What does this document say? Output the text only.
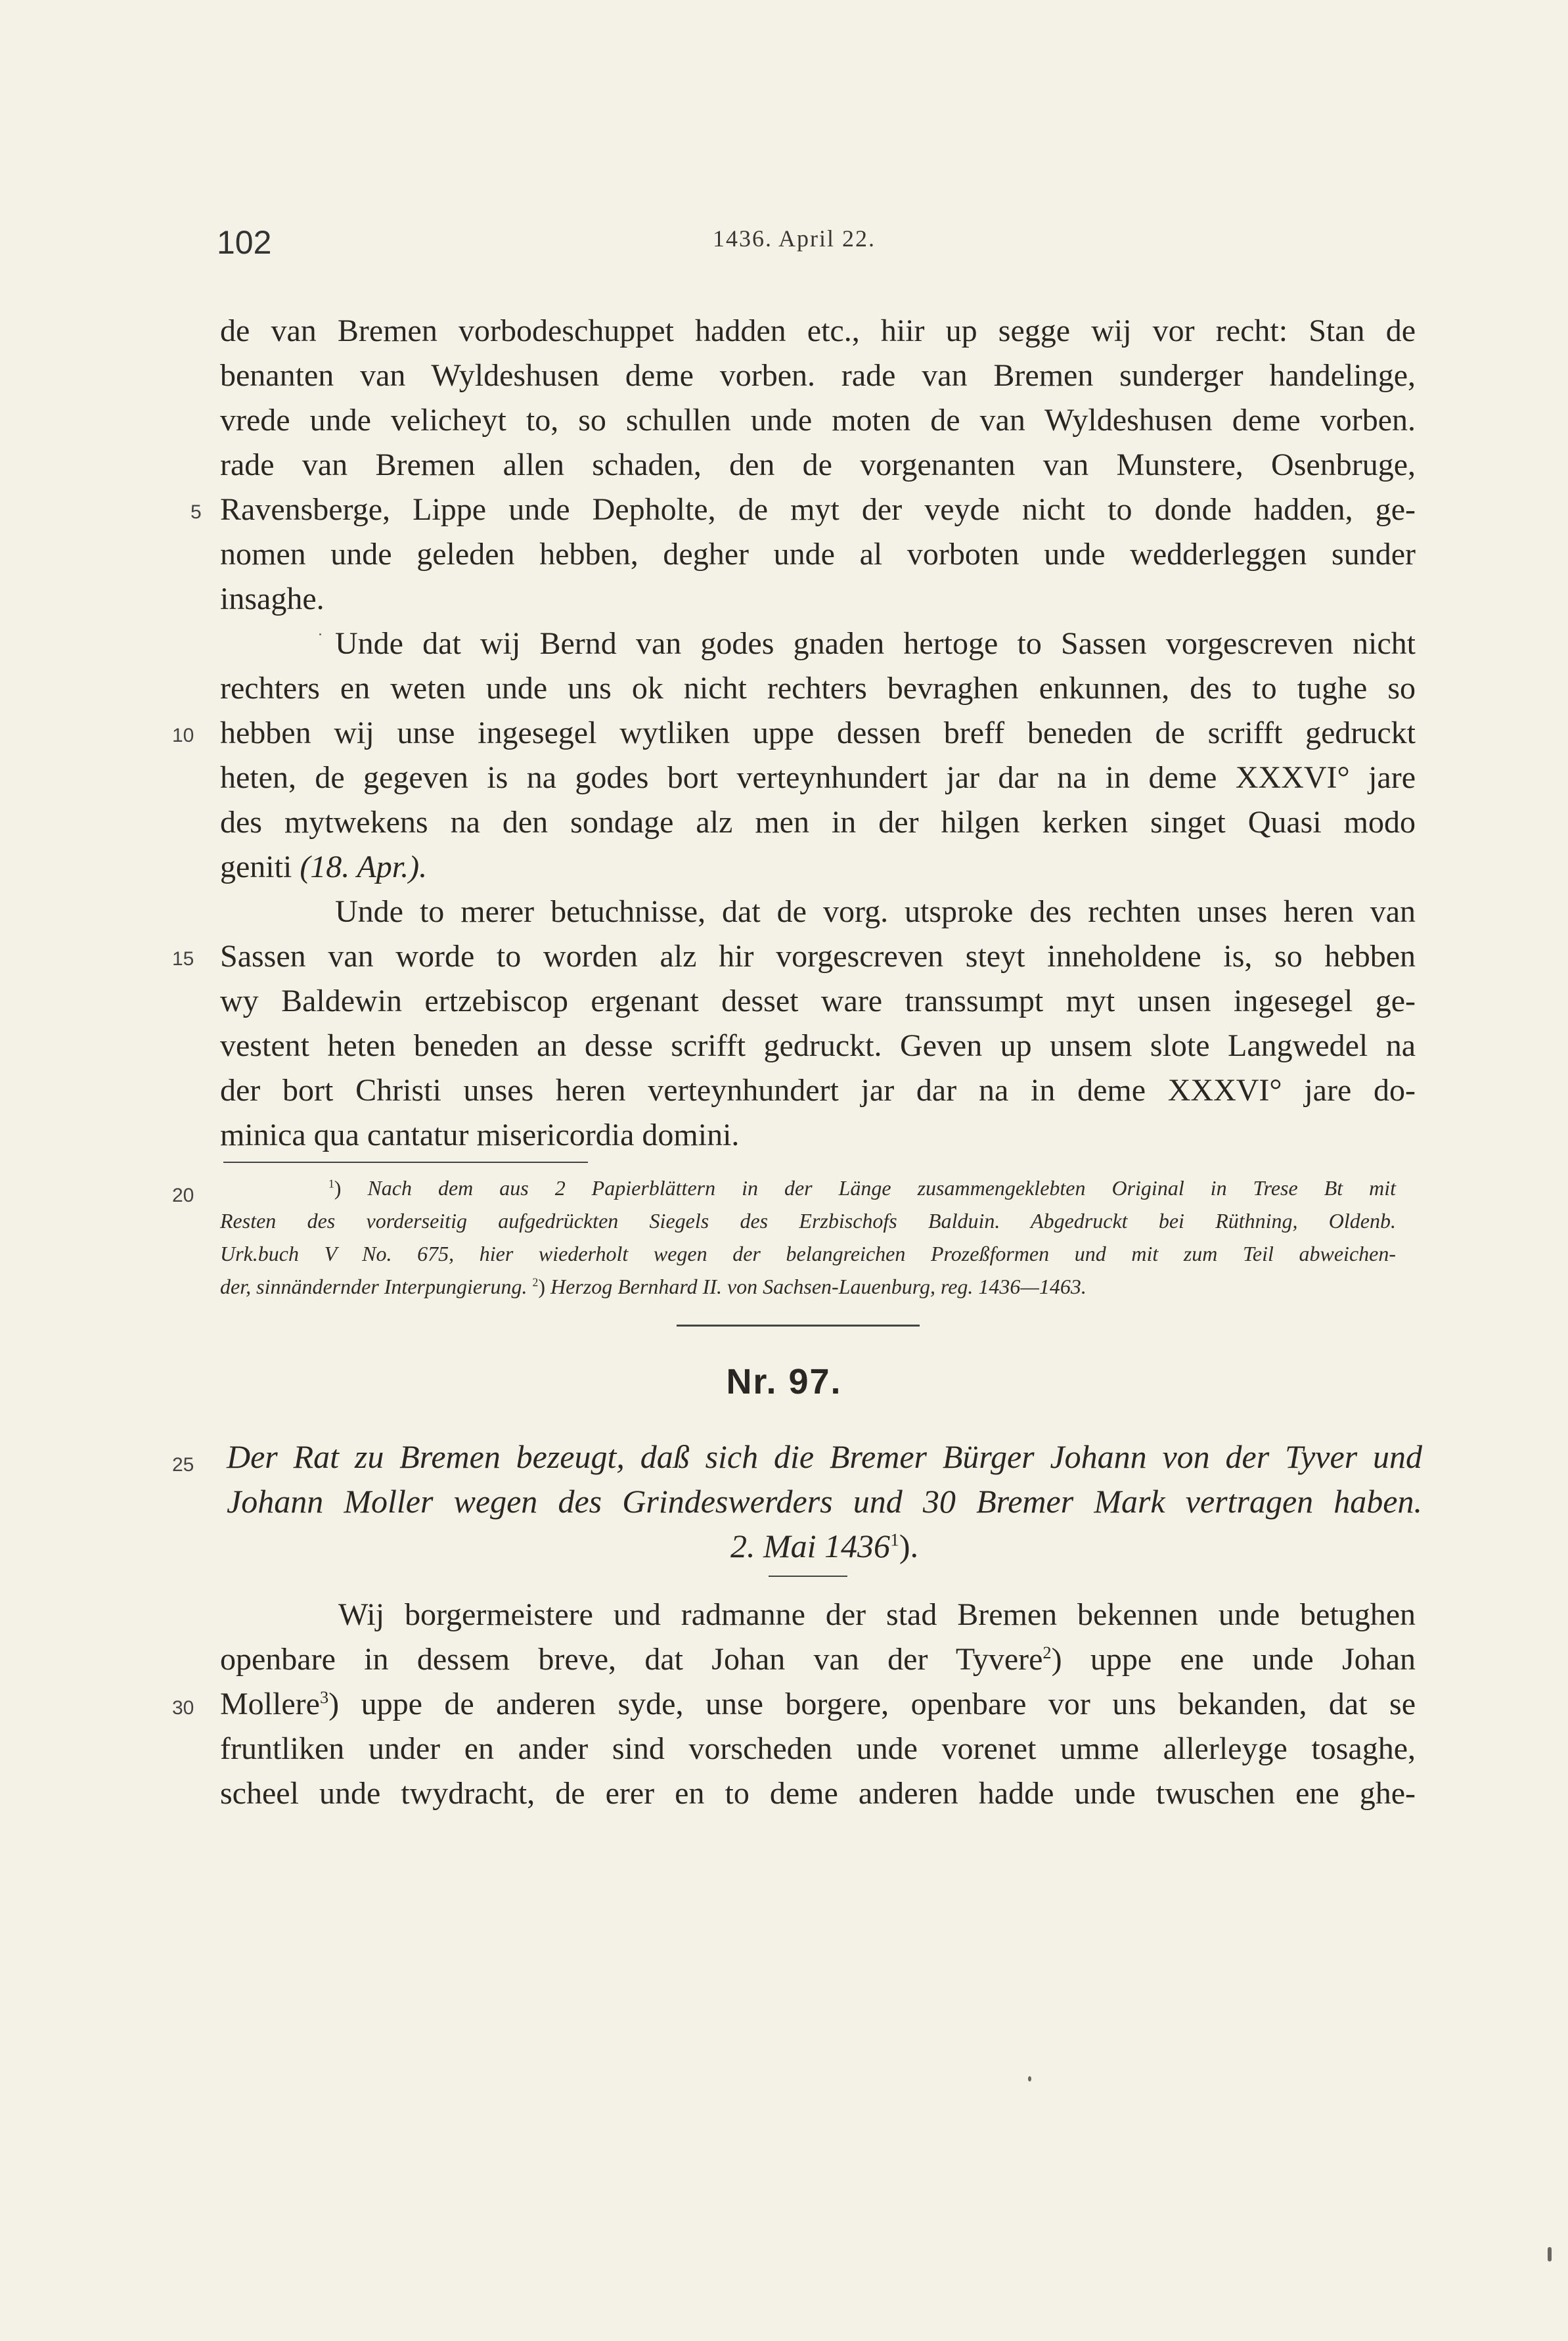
102	1436. April 22.
de van Bremen vorbodeschuppet hadden etc., hiir up segge wij vor recht: Stan de
benanten van Wyldeshusen deme vorben. rade van Bremen sunderger handelinge,
vrede unde velicheyt to, so schullen unde moten de van Wyldeshusen deme vorben.
rade van Bremen allen schaden, den de vorgenanten van Munstere, Osenbruge,
Ravensberge, Lippe unde Depholte, de myt der veyde nicht to donde hadden, ge-
nomen unde geleden hebben, degher unde al vorboten unde wedderleggen sunder
insaghe.
Unde dat wij Bernd van godes gnaden hertoge to Sassen vorgescreven nicht
rechters en weten unde uns ok nicht rechters bevraghen enkunnen, des to tughe so
hebben wij unse ingesegel wytliken uppe dessen breff beneden de scrifft gedruckt
heten, de gegeven is na godes bort verteynhundert jar dar na in deme XXXVI° jare
des mytwekens na den sondage alz men in der hilgen kerken singet Quasi modo
geniti (18. Apr.).
Unde to merer betuchnisse, dat de vorg. utsproke des rechten unses heren van
Sassen van worde to worden alz hir vorgescreven steyt inneholdene is, so hebben
wy Baldewin ertzebiscop ergenant desset ware transsumpt myt unsen ingesegel ge-
vestent heten beneden an desse scrifft gedruckt. Geven up unsem slote Langwedel na
der bort Christi unses heren verteynhundert jar dar na in deme XXXVI° jare do-
minica qua cantatur misericordia domini.
5
10
15
20
25
30
$^1$) Nach dem aus 2 Papierblättern in der Länge zusammengeklebten Original in Trese Bt mit
Resten des vorderseitig aufgedrückten Siegels des Erzbischofs Balduin. Abgedruckt bei Rüthning, Oldenb.
Urk.buch V No. 675, hier wiederholt wegen der belangreichen Prozeßformen und mit zum Teil abweichen-
der, sinnändernder Interpungierung. $^2$) Herzog Bernhard II. von Sachsen-Lauenburg, reg. 1436—1463.
Nr. 97.
Der Rat zu Bremen bezeugt, daß sich die Bremer Bürger Johann von der Tyver und
Johann Moller wegen des Grindeswerders und 30 Bremer Mark vertragen haben.
2. Mai 1436$^1$).
Wij borgermeistere und radmanne der stad Bremen bekennen unde betughen
openbare in dessem breve, dat Johan van der Tyvere$^2$) uppe ene unde Johan
Mollere$^3$) uppe de anderen syde, unse borgere, openbare vor uns bekanden, dat se
fruntliken under en ander sind vorscheden unde vorenet umme allerleyge tosaghe,
scheel unde twydracht, de erer en to deme anderen hadde unde twuschen ene ghe-
